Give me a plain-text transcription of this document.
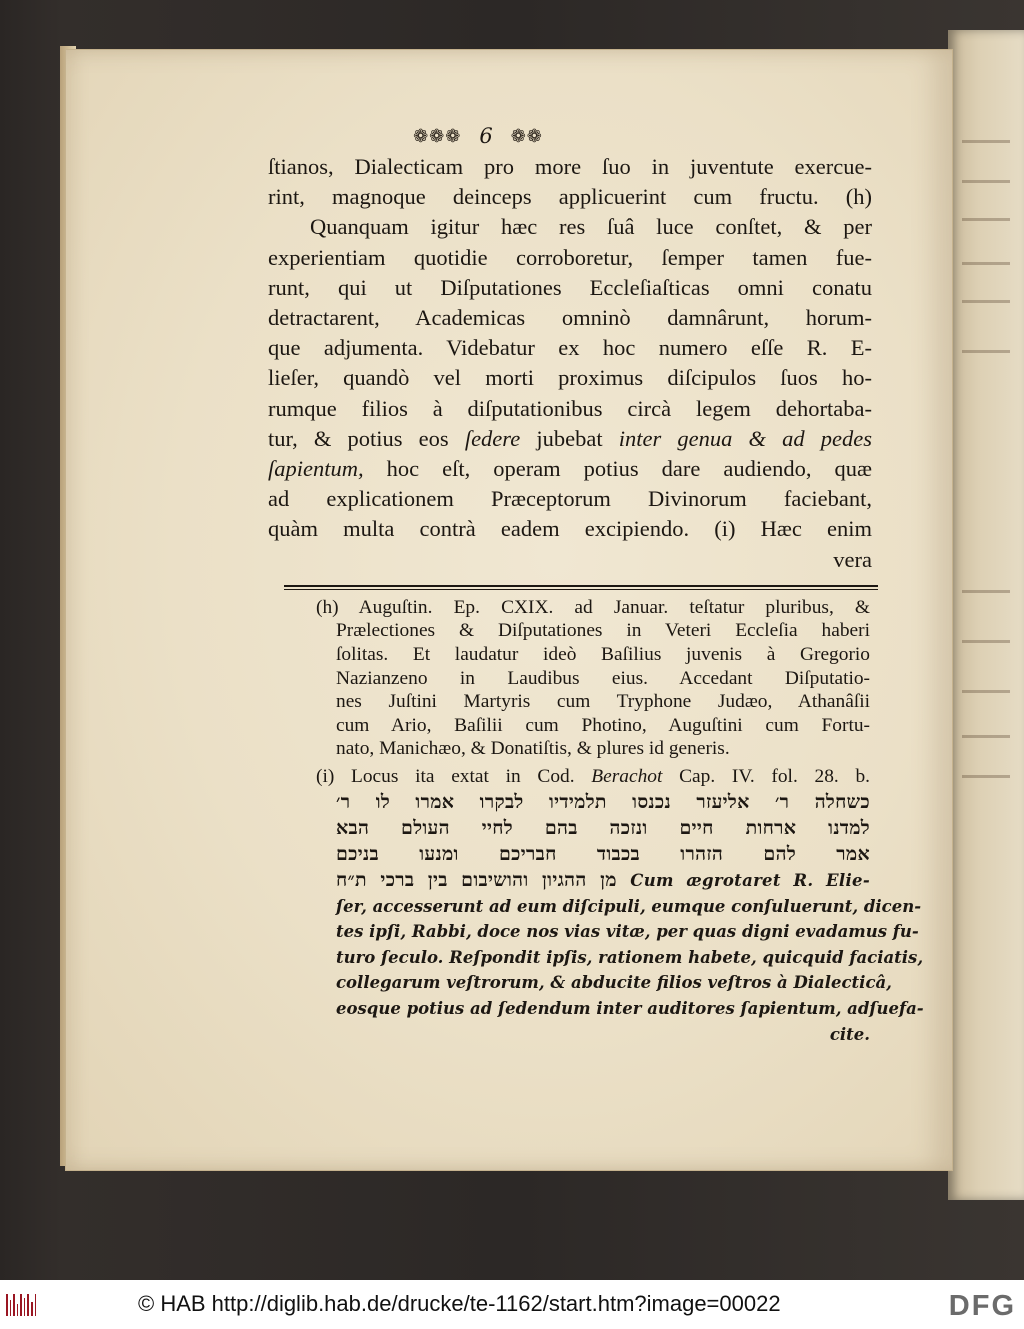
❁❁❁ 6 ❁❁
ſtianos, Dialecticam pro more ſuo in juventute exercue-
rint, magnoque deinceps applicuerint cum fructu. (h)
Quanquam igitur hæc res ſuâ luce conſtet, & per
experientiam quotidie corroboretur, ſemper tamen fue-
runt, qui ut Diſputationes Eccleſiaſticas omni conatu
detractarent, Academicas omninò damnârunt, horum-
que adjumenta. Videbatur ex hoc numero eſſe R. E-
lieſer, quandò vel morti proximus diſcipulos ſuos ho-
rumque filios à diſputationibus circà legem dehortaba-
tur, & potius eos ſedere jubebat inter genua & ad pedes
ſapientum, hoc eſt, operam potius dare audiendo, quæ
ad explicationem Præceptorum Divinorum faciebant,
quàm multa contrà eadem excipiendo. (i) Hæc enim
vera
(h) Auguſtin. Ep. CXIX. ad Januar. teſtatur pluribus, &
Prælectiones & Diſputationes in Veteri Eccleſia haberi
ſolitas. Et laudatur ideò Baſilius juvenis à Gregorio
Nazianzeno in Laudibus eius. Accedant Diſputatio-
nes Juſtini Martyris cum Tryphone Judæo, Athanâſii
cum Ario, Baſilii cum Photino, Auguſtini cum Fortu-
nato, Manichæo, & Donatiſtis, & plures id generis.
(i) Locus ita extat in Cod. Berachot Cap. IV. fol. 28. b.
כשחלה ר׳ אליעזר נכנסו תלמידיו לבקרו אמרו לו ר׳
למדנו ארחות חיים ונזכה בהם לחיי העולם הבא
אמר להם הזהרו בכבוד חבריכם ומנעו בניכם
מן ההגיון והושיבום בין ברכי ת״ח Cum ægrotaret R. Elie-
ſer, accesserunt ad eum diſcipuli, eumque conſuluerunt, dicen-
tes ipſi, Rabbi, doce nos vias vitæ, per quas digni evadamus fu-
turo ſeculo. Reſpondit ipſis, rationem habete, quicquid faciatis,
collegarum veſtrorum, & abducite filios veſtros à Dialecticâ,
eosque potius ad ſedendum inter auditores ſapientum, adſuefa-
cite.
© HAB http://diglib.hab.de/drucke/te-1162/start.htm?image=00022	DFG
